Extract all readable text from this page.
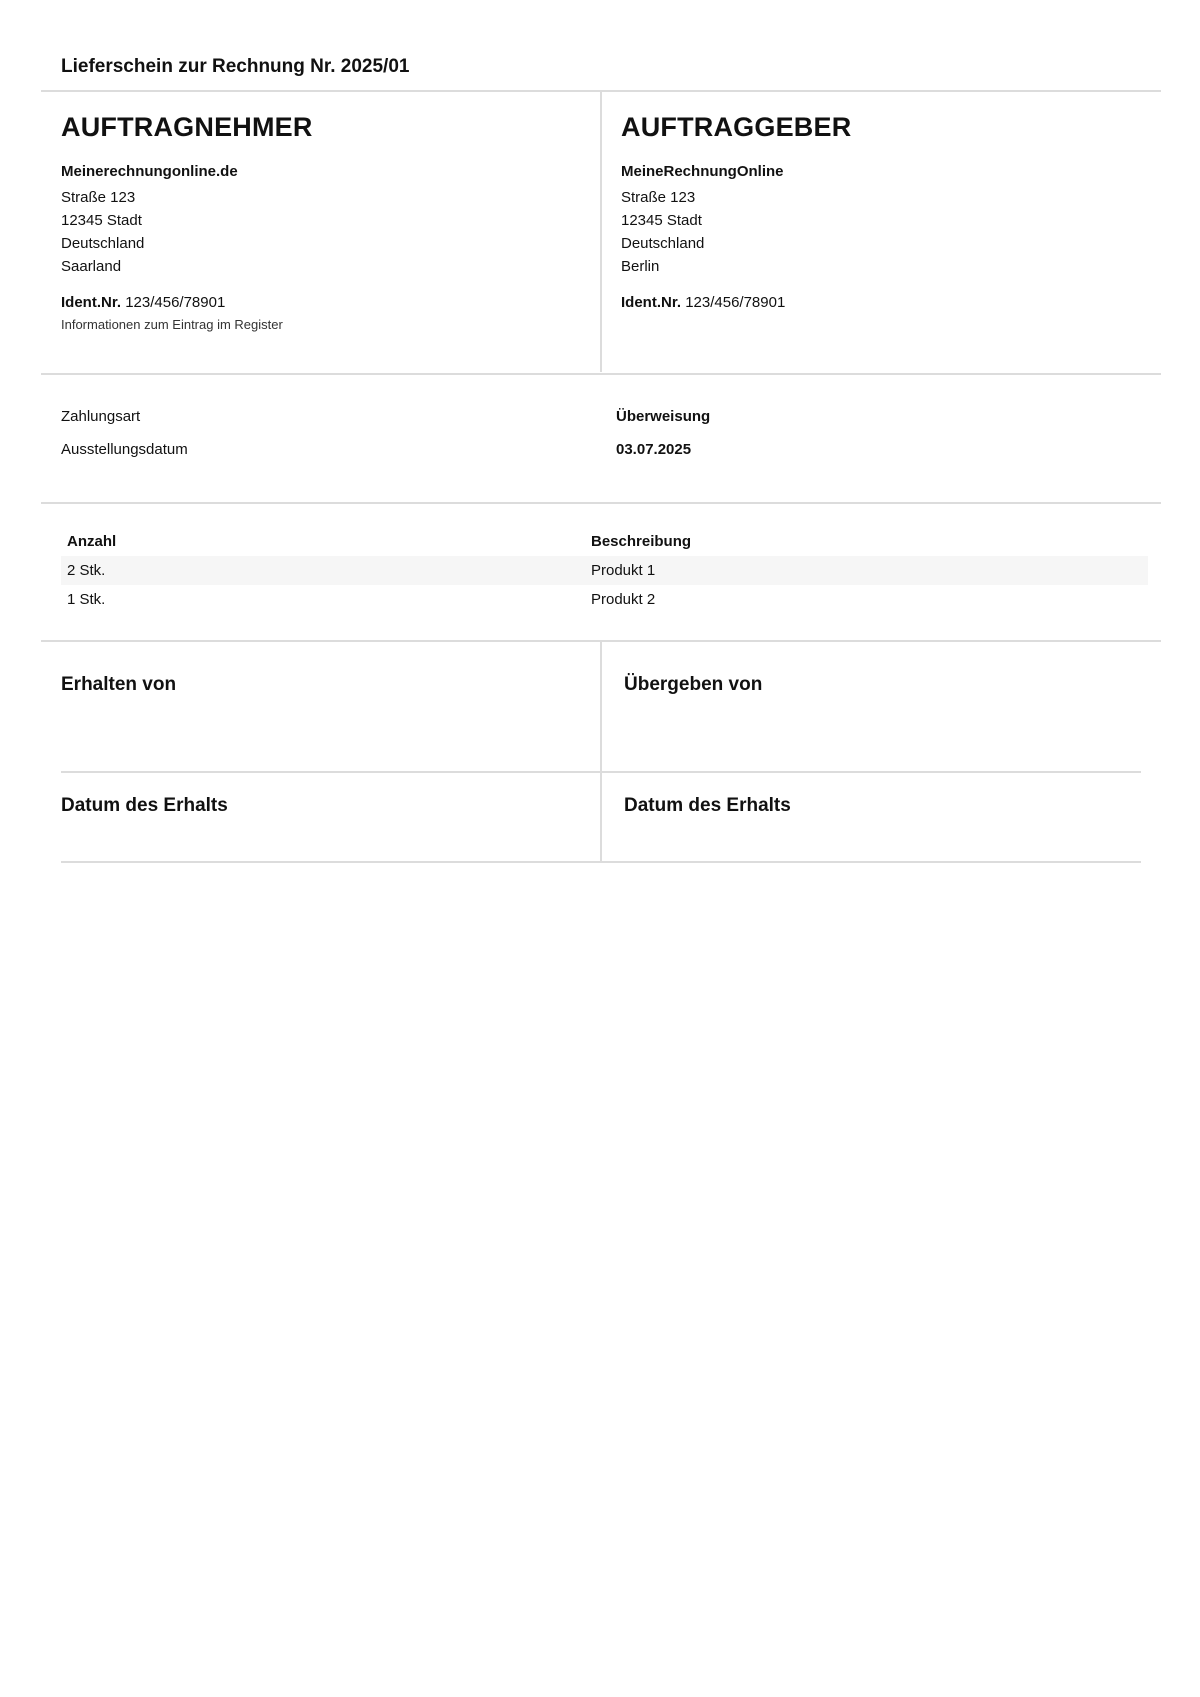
Lieferschein zur Rechnung Nr. 2025/01
AUFTRAGNEHMER
Meinerechnungonline.de
Straße 123
12345 Stadt
Deutschland
Saarland
Ident.Nr. 123/456/78901
Informationen zum Eintrag im Register
AUFTRAGGEBER
MeineRechnungOnline
Straße 123
12345 Stadt
Deutschland
Berlin
Ident.Nr. 123/456/78901
Zahlungsart	Überweisung
Ausstellungsdatum	03.07.2025
Anzahl	Beschreibung
2 Stk.	Produkt 1
1 Stk.	Produkt 2
Erhalten von	Übergeben von
Datum des Erhalts	Datum des Erhalts
